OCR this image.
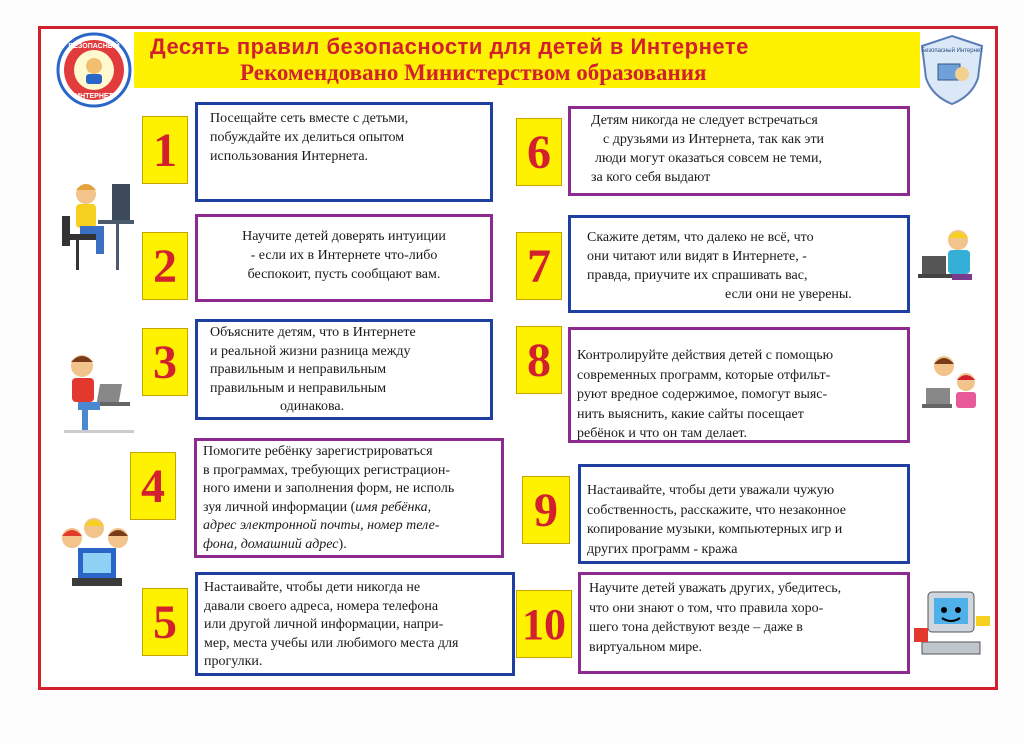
Десять правил безопасности для детей в Интернете
Рекомендовано Министерством образования
БЕЗОПАСНЫЙ
ИНТЕРНЕТ
Безопасный Интернет
1
2
3
4
5
6
7
8
9
10
Посещайте сеть вместе с детьми,
побуждайте их делиться опытом
использования Интернета.
Научите детей доверять интуиции
- если их в Интернете что-либо
беспокоит, пусть сообщают вам.
Объясните детям, что в Интернете
и реальной жизни разница между
правильным и неправильным
правильным и неправильным
одинакова.
Помогите ребёнку зарегистрироваться
в программах, требующих регистрацион-
ного имени и заполнения форм, не исполь
зуя личной информации (имя ребёнка,
адрес электронной почты, номер теле-
фона, домашний адрес).
Настаивайте, чтобы дети никогда не
давали своего адреса, номера телефона
или другой личной информации, напри-
мер, места учебы или любимого места для
прогулки.
Детям никогда не следует встречаться
с друзьями из Интернета, так как эти
люди могут оказаться совсем не теми,
за кого себя выдают
Скажите детям, что далеко не всё, что
они читают или видят в Интернете, -
правда, приучите их спрашивать вас,
если они не уверены.
Контролируйте действия детей с помощью
современных программ, которые отфильт-
руют вредное содержимое, помогут выяс-
нить выяснить, какие сайты посещает
ребёнок и что он там делает.
Настаивайте, чтобы дети уважали чужую
собственность, расскажите, что незаконное
копирование музыки, компьютерных игр и
других программ - кража
Научите детей уважать других, убедитесь,
что они знают о том, что правила хоро-
шего тона действуют везде – даже в
виртуальном мире.
